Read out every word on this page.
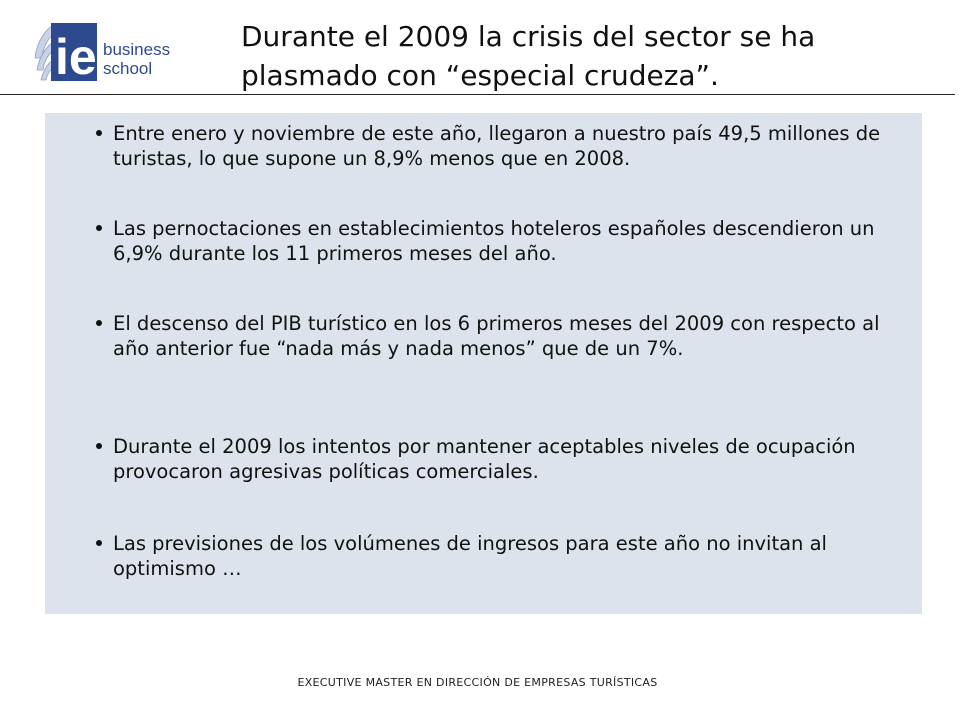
ie business
school
Durante el 2009 la crisis del sector se ha plasmado con “especial crudeza”.
Entre enero y noviembre de este año, llegaron a nuestro país 49,5 millones de turistas, lo que supone un 8,9% menos que en 2008.
Las pernoctaciones en establecimientos hoteleros españoles descendieron un 6,9% durante los 11 primeros meses del año.
El descenso del PIB turístico en los 6 primeros meses del 2009 con respecto al año anterior fue “nada más y nada menos” que de un 7%.
Durante el 2009 los intentos por mantener aceptables niveles de ocupación provocaron agresivas políticas comerciales.
Las previsiones de los volúmenes de ingresos para este año no invitan al optimismo …
EXECUTIVE MASTER EN DIRECCIÓN DE EMPRESAS TURÍSTICAS
